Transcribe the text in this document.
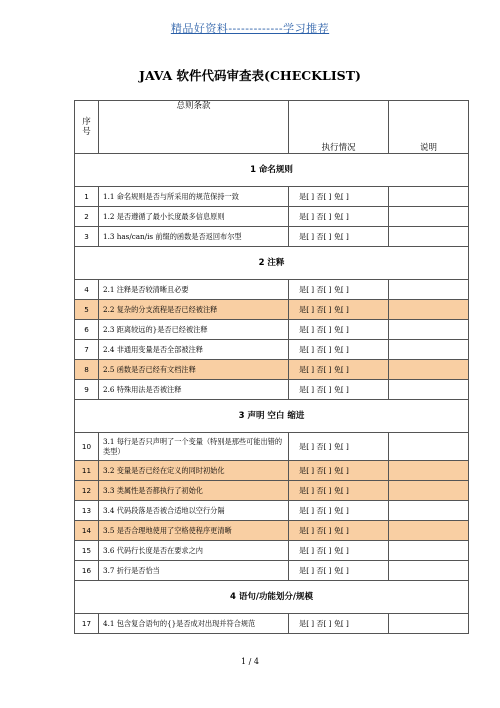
精品好资料-------------学习推荐
JAVA 软件代码审查表(CHECKLIST)
序
号	总则条款	执行情况	说明
1 命名规则			
1	1.1 命名规则是否与所采用的规范保持一致	是[ ] 否[ ] 免[ ]	
2	1.2 是否遵循了最小长度最多信息原则	是[ ] 否[ ] 免[ ]	
3	1.3 has/can/is 前缀的函数是否返回布尔型	是[ ] 否[ ] 免[ ]	
2 注释			
4	2.1 注释是否较清晰且必要	是[ ] 否[ ] 免[ ]	
5	2.2 复杂的分支流程是否已经被注释	是[ ] 否[ ] 免[ ]	
6	2.3 距离较远的}是否已经被注释	是[ ] 否[ ] 免[ ]	
7	2.4 非通用变量是否全部被注释	是[ ] 否[ ] 免[ ]	
8	2.5 函数是否已经有文档注释	是[ ] 否[ ] 免[ ]	
9	2.6 特殊用法是否被注释	是[ ] 否[ ] 免[ ]	
3 声明 空白 缩进			
10	3.1 每行是否只声明了一个变量（特别是那些可能出错的类型）	是[ ] 否[ ] 免[ ]	
11	3.2 变量是否已经在定义的同时初始化	是[ ] 否[ ] 免[ ]	
12	3.3 类属性是否都执行了初始化	是[ ] 否[ ] 免[ ]	
13	3.4 代码段落是否被合适地以空行分隔	是[ ] 否[ ] 免[ ]	
14	3.5 是否合理地使用了空格使程序更清晰	是[ ] 否[ ] 免[ ]	
15	3.6 代码行长度是否在要求之内	是[ ] 否[ ] 免[ ]	
16	3.7 折行是否恰当	是[ ] 否[ ] 免[ ]	
4 语句/功能划分/规模			
17	4.1 包含复合语句的{}是否成对出现并符合规范	是[ ] 否[ ] 免[ ]	
1 / 4
